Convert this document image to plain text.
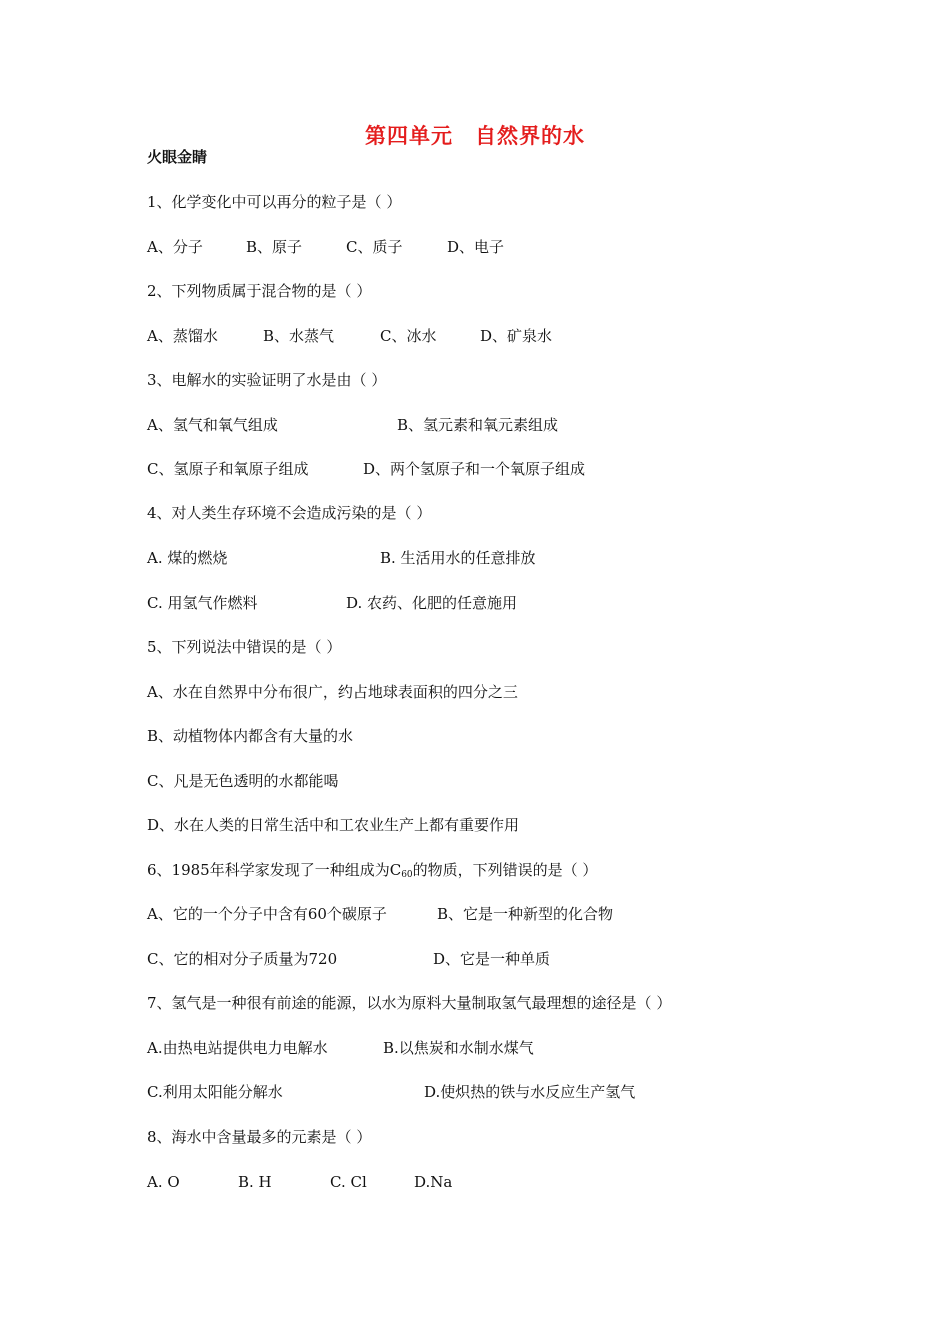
第四单元　自然界的水
火眼金睛
1、化学变化中可以再分的粒子是（ ）
A、分子	B、原子	C、质子	D、电子
2、下列物质属于混合物的是（ ）
A、蒸馏水	B、水蒸气	C、冰水	D、矿泉水
3、电解水的实验证明了水是由（ ）
A、氢气和氧气组成	B、氢元素和氧元素组成
C、氢原子和氧原子组成	D、两个氢原子和一个氧原子组成
4、对人类生存环境不会造成污染的是（ ）
A. 煤的燃烧	B. 生活用水的任意排放
C. 用氢气作燃料	D. 农药、化肥的任意施用
5、下列说法中错误的是（ ）
A、水在自然界中分布很广，约占地球表面积的四分之三
B、动植物体内都含有大量的水
C、凡是无色透明的水都能喝
D、水在人类的日常生活中和工农业生产上都有重要作用
6、1985年科学家发现了一种组成为$C_{60}$的物质，下列错误的是（ ）
A、它的一个分子中含有60个碳原子	B、它是一种新型的化合物
C、它的相对分子质量为720	D、它是一种单质
7、氢气是一种很有前途的能源，以水为原料大量制取氢气最理想的途径是（ ）
A.由热电站提供电力电解水	B.以焦炭和水制水煤气
C.利用太阳能分解水	D.使炽热的铁与水反应生产氢气
8、海水中含量最多的元素是（ ）
A. O	B. H	C. Cl	D.Na
